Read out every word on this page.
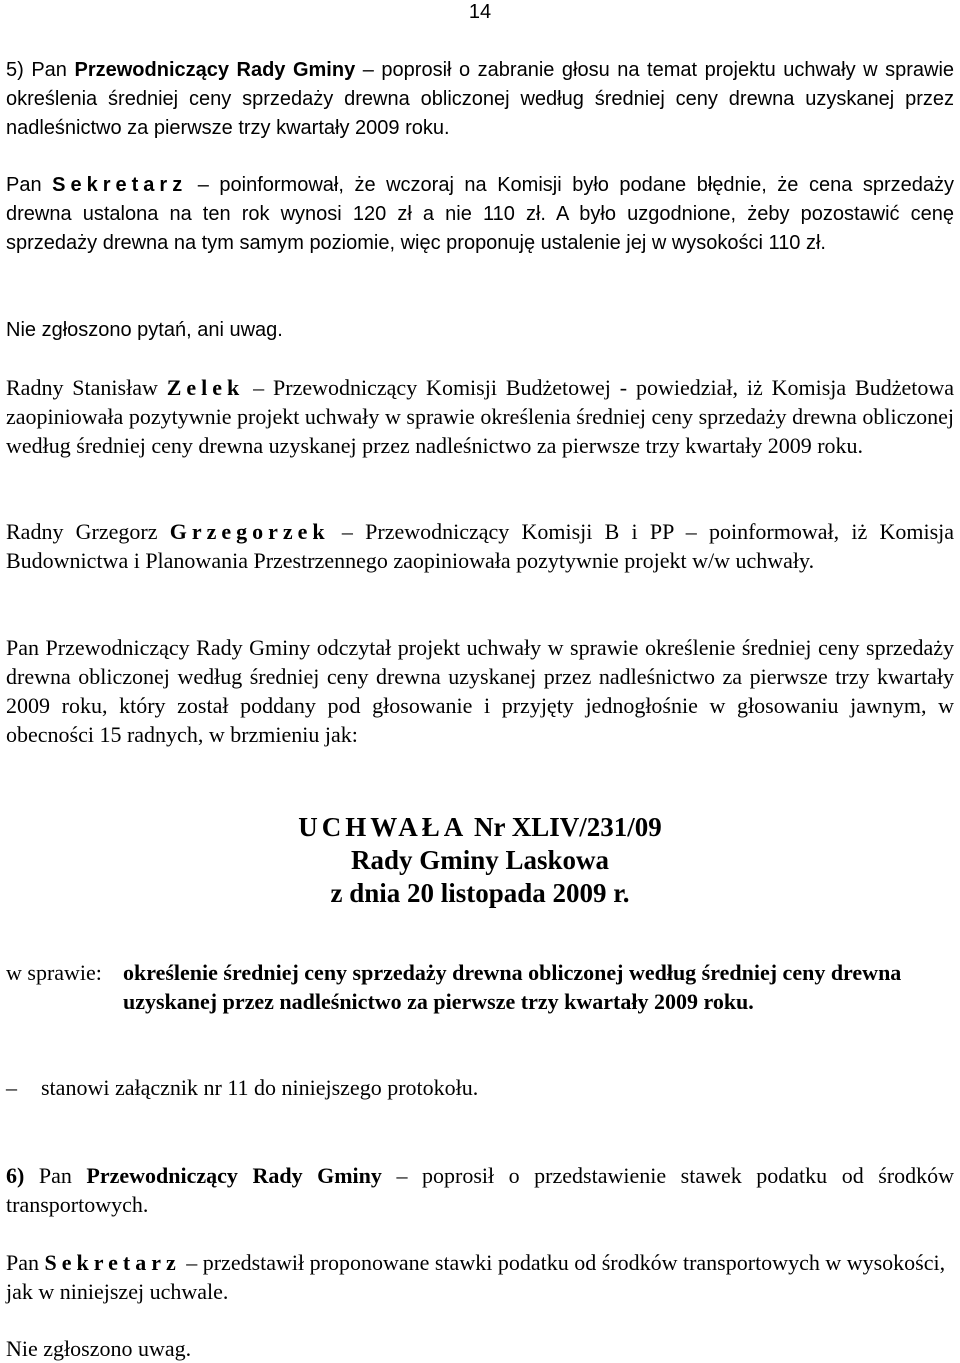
14
5) Pan Przewodniczący Rady Gminy – poprosił o zabranie głosu na temat projektu uchwały w sprawie określenia średniej ceny sprzedaży drewna obliczonej według średniej ceny drewna uzyskanej przez nadleśnictwo za pierwsze trzy kwartały 2009 roku.
Pan Sekretarz – poinformował, że wczoraj na Komisji było podane błędnie, że cena sprzedaży drewna ustalona na ten rok wynosi 120 zł a nie 110 zł. A było uzgodnione, żeby pozostawić cenę sprzedaży drewna na tym samym poziomie, więc proponuję ustalenie jej w wysokości 110 zł.
Nie zgłoszono pytań, ani uwag.
Radny Stanisław Zelek – Przewodniczący Komisji Budżetowej - powiedział, iż Komisja Budżetowa zaopiniowała pozytywnie projekt uchwały w sprawie określenia średniej ceny sprzedaży drewna obliczonej według średniej ceny drewna uzyskanej przez nadleśnictwo za pierwsze trzy kwartały 2009 roku.
Radny Grzegorz Grzegorzek – Przewodniczący Komisji B i PP – poinformował, iż Komisja Budownictwa i Planowania Przestrzennego zaopiniowała pozytywnie projekt w/w uchwały.
Pan Przewodniczący Rady Gminy odczytał projekt uchwały w sprawie określenie średniej ceny sprzedaży drewna obliczonej według średniej ceny drewna uzyskanej przez nadleśnictwo za pierwsze trzy kwartały 2009 roku, który został poddany pod głosowanie i przyjęty jednogłośnie w głosowaniu jawnym, w obecności 15 radnych, w brzmieniu jak:
UCHWAŁA Nr XLIV/231/09
Rady Gminy Laskowa
z dnia 20 listopada 2009 r.
w sprawie: określenie średniej ceny sprzedaży drewna obliczonej według średniej ceny drewna uzyskanej przez nadleśnictwo za pierwsze trzy kwartały 2009 roku.
–	stanowi załącznik nr 11 do niniejszego protokołu.
6) Pan Przewodniczący Rady Gminy – poprosił o przedstawienie stawek podatku od środków transportowych.
Pan Sekretarz – przedstawił proponowane stawki podatku od środków transportowych w wysokości, jak w niniejszej uchwale.
Nie zgłoszono uwag.
